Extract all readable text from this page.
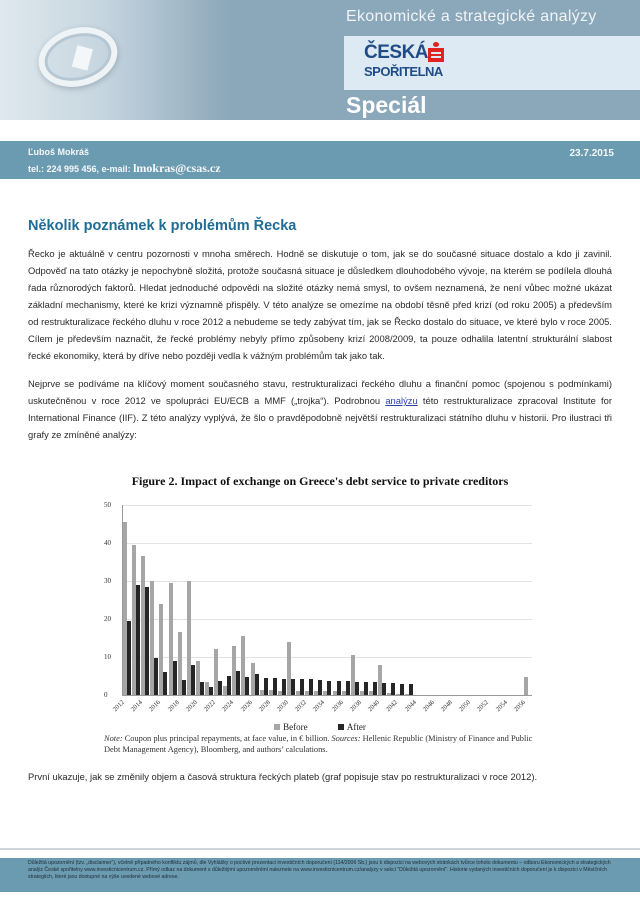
Ekonomické a strategické analýzy
ČESKÁ
SPOŘITELNA
Speciál
Ľuboš Mokráš
tel.: 224 995 456, e-mail: lmokras@csas.cz
23.7.2015
Několik poznámek k problémům Řecka

Řecko je aktuálně v centru pozornosti v mnoha směrech. Hodně se diskutuje o tom, jak se do současné situace dostalo a kdo ji zavinil. Odpověď na tato otázky je nepochybně složitá, protože současná situace je důsledkem dlouhodobého vývoje, na kterém se podílela dlouhá řada různorodých faktorů. Hledat jednoduché odpovědi na složité otázky nemá smysl, to ovšem neznamená, že není vůbec možné ukázat základní mechanismy, které ke krizi významně přispěly. V této analýze se omezíme na období těsně před krizí (od roku 2005) a především od restrukturalizace řeckého dluhu v roce 2012 a nebudeme se tedy zabývat tím, jak se Řecko dostalo do situace, ve které bylo v roce 2005. Cílem je především naznačit, že řecké problémy nebyly přímo způsobeny krizí 2008/2009, ta pouze odhalila latentní strukturální slabost řecké ekonomiky, která by dříve nebo později vedla k vážným problémům tak jako tak.

Nejprve se podíváme na klíčový moment současného stavu, restrukturalizaci řeckého dluhu a finanční pomoc (spojenou s podmínkami) uskutečněnou v roce 2012 ve spolupráci EU/ECB a MMF („trojka“). Podrobnou analýzu této restrukturalizace zpracoval Institute for International Finance (IIF). Z této analýzy vyplývá, že šlo o pravděpodobně největší restrukturalizaci státního dluhu v historii. Pro ilustraci tři grafy ze zmíněné analýzy:

Figure 2. Impact of exchange on Greece's debt service to private creditors
0
10
20
30
40
50
2012 2014 2016 2018 2020 2022 2024 2026 2028 2030 2032 2034 2036 2038 2040 2042 2044 2046 2048 2050 2052 2054 2056
Before	After
Note: Coupon plus principal repayments, at face value, in € billion. Sources: Hellenic Republic (Ministry of Finance and Public Debt Management Agency), Bloomberg, and authors’ calculations.
První ukazuje, jak se změnily objem a časová struktura řeckých plateb (graf popisuje stav po restrukturalizaci v roce 2012).
Důležitá upozornění (tzv. „disclaimer“), včetně případného konfliktu zájmů, dle Vyhlášky o poctivé prezentaci investičních doporučení (114/2006 Sb.) jsou k dispozici na webových stránkách tvůrce tohoto dokumentu – odboru Ekonomických a strategických analýz České spořitelny www.investicnicentrum.cz. Přímý odkaz na dokument s důležitými upozorněními naleznete na www.investicnicentrum.cz/analyzy v sekci "Důležitá upozornění". Historie vydaných investičních doporučení je k dispozici v Měsíčních strategiích, které jsou dostupné na výše uvedené webové adrese.
